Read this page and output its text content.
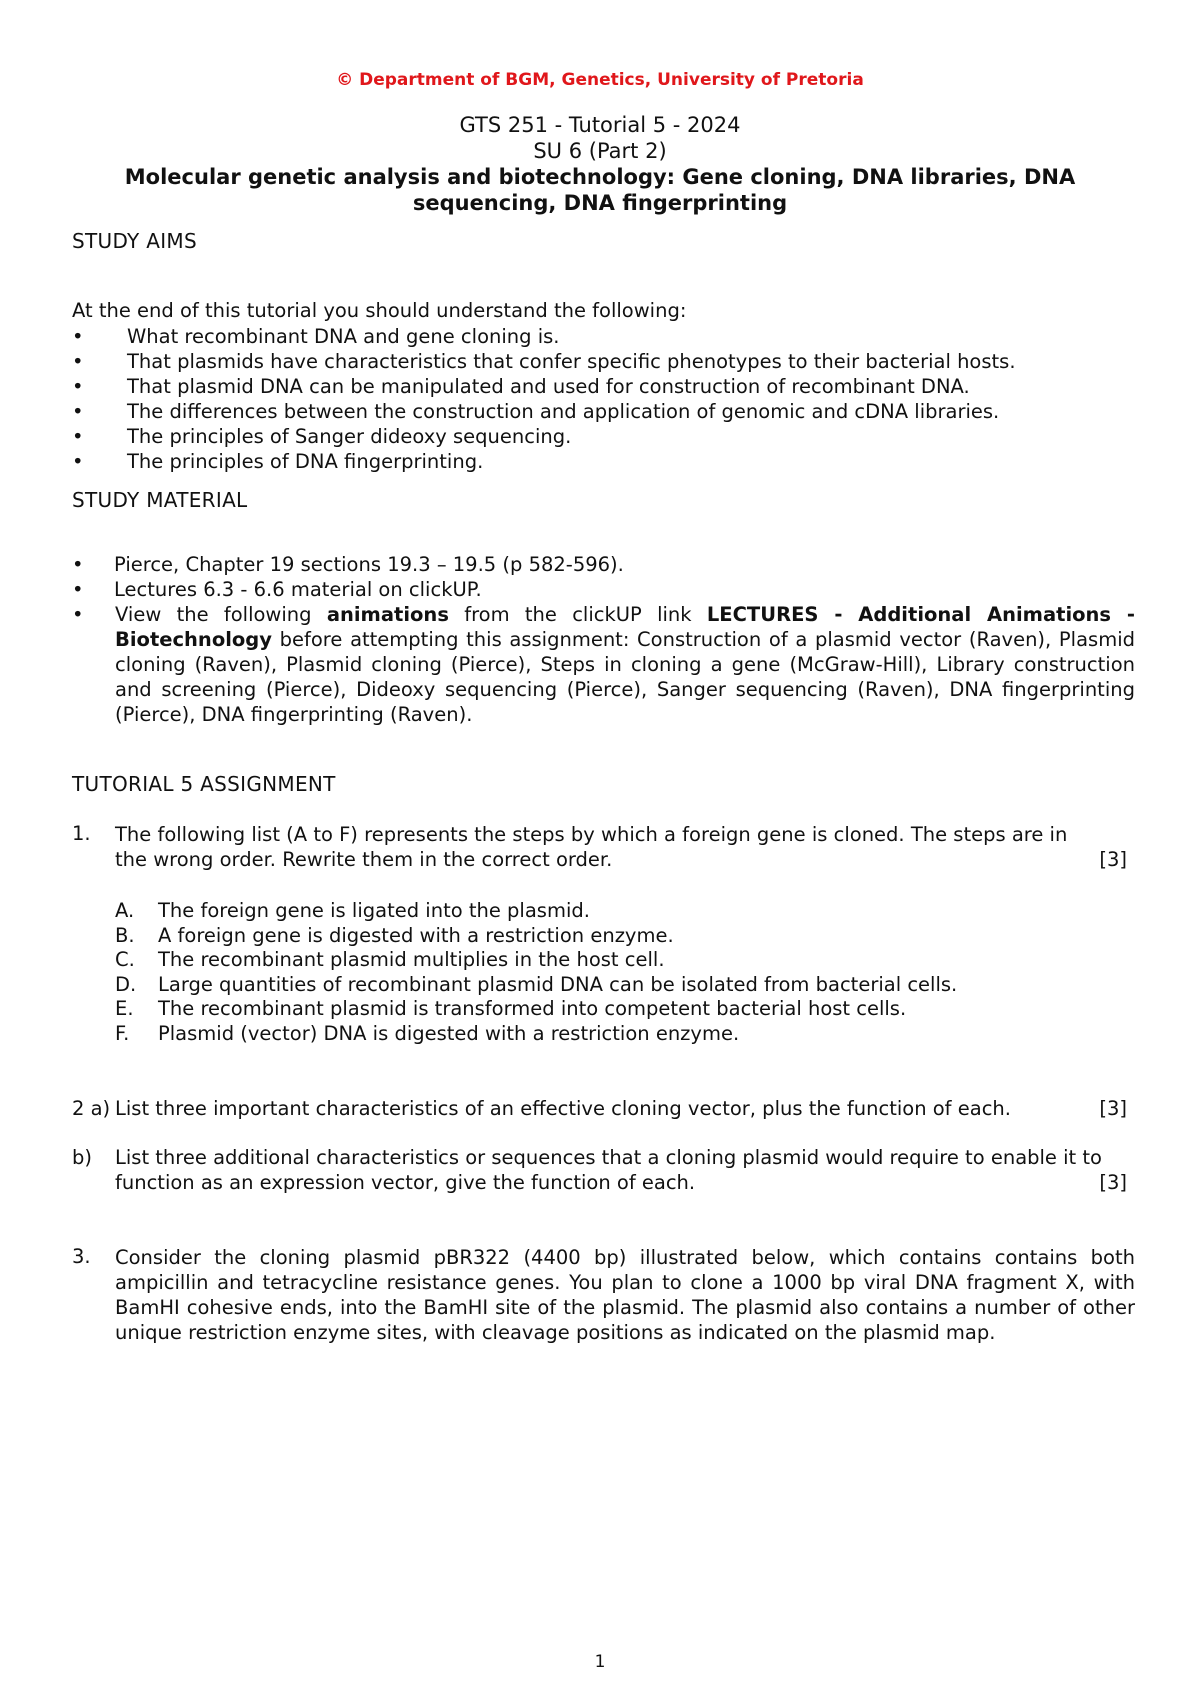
© Department of BGM, Genetics, University of Pretoria
GTS 251 - Tutorial 5 - 2024
SU 6 (Part 2)
Molecular genetic analysis and biotechnology: Gene cloning, DNA libraries, DNA
sequencing, DNA fingerprinting
STUDY AIMS
At the end of this tutorial you should understand the following:
• What recombinant DNA and gene cloning is.
• That plasmids have characteristics that confer specific phenotypes to their bacterial hosts.
• That plasmid DNA can be manipulated and used for construction of recombinant DNA.
• The differences between the construction and application of genomic and cDNA libraries.
• The principles of Sanger dideoxy sequencing.
• The principles of DNA fingerprinting.
STUDY MATERIAL
• Pierce, Chapter 19 sections 19.3 – 19.5 (p 582-596).
• Lectures 6.3 - 6.6 material on clickUP.
• View the following animations from the clickUP link LECTURES - Additional Animations - Biotechnology before attempting this assignment: Construction of a plasmid vector (Raven), Plasmid cloning (Raven), Plasmid cloning (Pierce), Steps in cloning a gene (McGraw-Hill), Library construction and screening (Pierce), Dideoxy sequencing (Pierce), Sanger sequencing (Raven), DNA fingerprinting (Pierce), DNA fingerprinting (Raven).
TUTORIAL 5 ASSIGNMENT
1. The following list (A to F) represents the steps by which a foreign gene is cloned. The steps are in
the wrong order. Rewrite them in the correct order.	[3]
A. The foreign gene is ligated into the plasmid.
B. A foreign gene is digested with a restriction enzyme.
C. The recombinant plasmid multiplies in the host cell.
D. Large quantities of recombinant plasmid DNA can be isolated from bacterial cells.
E. The recombinant plasmid is transformed into competent bacterial host cells.
F. Plasmid (vector) DNA is digested with a restriction enzyme.
2 a) List three important characteristics of an effective cloning vector, plus the function of each.	[3]
b) List three additional characteristics or sequences that a cloning plasmid would require to enable it to
function as an expression vector, give the function of each.	[3]
3. Consider the cloning plasmid pBR322 (4400 bp) illustrated below, which contains contains both ampicillin and tetracycline resistance genes. You plan to clone a 1000 bp viral DNA fragment X, with BamHI cohesive ends, into the BamHI site of the plasmid. The plasmid also contains a number of other unique restriction enzyme sites, with cleavage positions as indicated on the plasmid map.
1
